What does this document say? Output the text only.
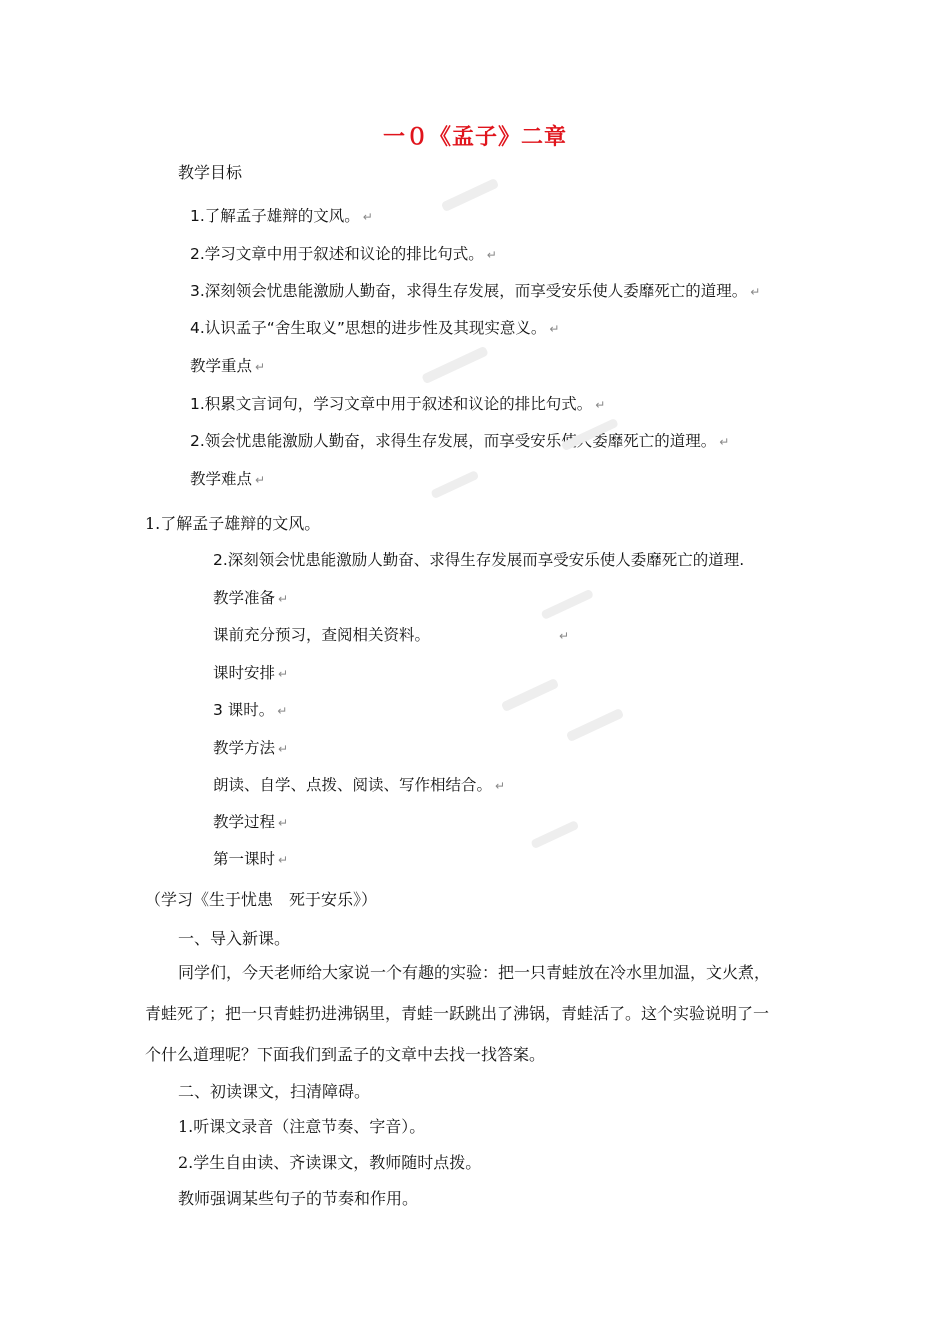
一０《孟子》二章
教学目标
1.了解孟子雄辩的文风。 ↵
2.学习文章中用于叙述和议论的排比句式。 ↵
3.深刻领会忧患能激励人勤奋，求得生存发展，而享受安乐使人委靡死亡的道理。 ↵
4.认识孟子“舍生取义”思想的进步性及其现实意义。 ↵
教学重点 ↵
1.积累文言词句，学习文章中用于叙述和议论的排比句式。 ↵
2.领会忧患能激励人勤奋，求得生存发展，而享受安乐使人委靡死亡的道理。 ↵
教学难点 ↵
1.了解孟子雄辩的文风。
2.深刻领会忧患能激励人勤奋、求得生存发展而享受安乐使人委靡死亡的道理.
教学准备 ↵
课前充分预习，查阅相关资料。	↵
课时安排 ↵
3 课时。 ↵
教学方法 ↵
朗读、自学、点拨、阅读、写作相结合。 ↵
教学过程 ↵
第一课时 ↵
（学习《生于忧患　死于安乐》）
一、导入新课。
同学们，今天老师给大家说一个有趣的实验：把一只青蛙放在冷水里加温，文火煮，
青蛙死了；把一只青蛙扔进沸锅里，青蛙一跃跳出了沸锅，青蛙活了。这个实验说明了一
个什么道理呢？下面我们到孟子的文章中去找一找答案。
二、初读课文，扫清障碍。
1.听课文录音（注意节奏、字音）。
2.学生自由读、齐读课文，教师随时点拨。
教师强调某些句子的节奏和作用。
